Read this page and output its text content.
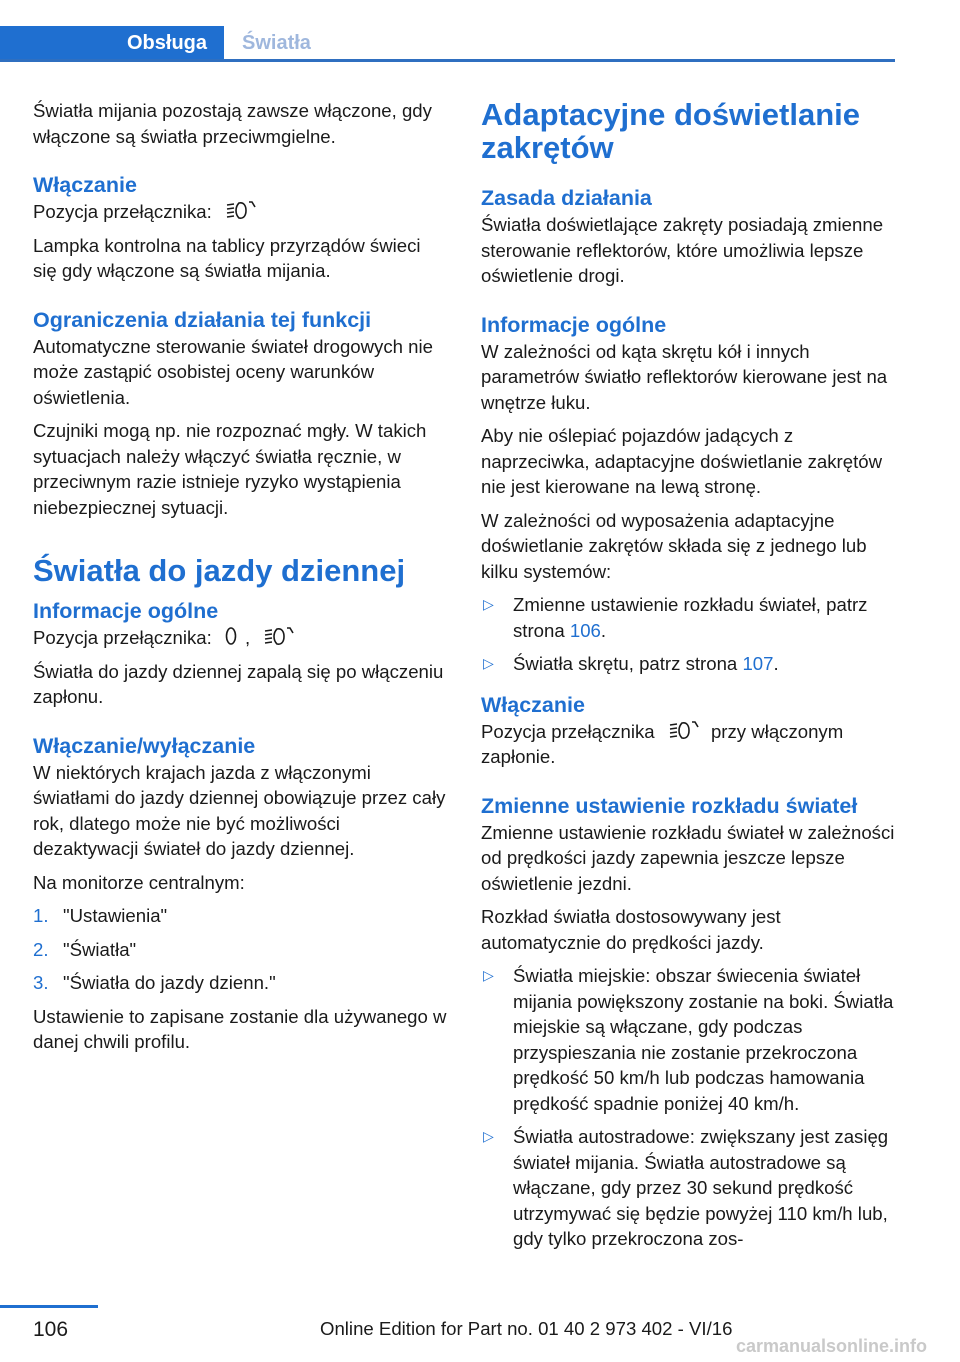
Obsługa	Światła

Światła mijania pozostają zawsze włączone, gdy włączone są światła przeciwmgielne.

Włączanie

Pozycja przełącznika:

Lampka kontrolna na tablicy przyrządów świeci się gdy włączone są światła mijania.

Ograniczenia działania tej funkcji

Automatyczne sterowanie świateł drogowych nie może zastąpić osobistej oceny warunków oświetlenia.

Czujniki mogą np. nie rozpoznać mgły. W takich sytuacjach należy włączyć światła ręcznie, w przeciwnym razie istnieje ryzyko wystąpienia niebezpiecznej sytuacji.

Światła do jazdy dziennej
Informacje ogólne

Pozycja przełącznika: ,

Światła do jazdy dziennej zapalą się po włączeniu zapłonu.

Włączanie/wyłączanie

W niektórych krajach jazda z włączonymi światłami do jazdy dziennej obowiązuje przez cały rok, dlatego może nie być możliwości dezaktywacji świateł do jazdy dziennej.

Na monitorze centralnym:

1. "Ustawienia"
2. "Światła"
3. "Światła do jazdy dzienn."

Ustawienie to zapisane zostanie dla używanego w danej chwili profilu.

Adaptacyjne doświetlanie zakrętów
Zasada działania

Światła doświetlające zakręty posiadają zmienne sterowanie reflektorów, które umożliwia lepsze oświetlenie drogi.

Informacje ogólne

W zależności od kąta skrętu kół i innych parametrów światło reflektorów kierowane jest na wnętrze łuku.

Aby nie oślepiać pojazdów jadących z naprzeciwka, adaptacyjne doświetlanie zakrętów nie jest kierowane na lewą stronę.

W zależności od wyposażenia adaptacyjne doświetlanie zakrętów składa się z jednego lub kilku systemów:

▷ Zmienne ustawienie rozkładu świateł, patrz strona 106.
▷ Światła skrętu, patrz strona 107.
Włączanie

Pozycja przełącznika	przy włączonym zapłonie.

Zmienne ustawienie rozkładu świateł

Zmienne ustawienie rozkładu świateł w zależności od prędkości jazdy zapewnia jeszcze lepsze oświetlenie jezdni.

Rozkład światła dostosowywany jest automatycznie do prędkości jazdy.

▷ Światła miejskie: obszar świecenia świateł mijania powiększony zostanie na boki. Światła miejskie są włączane, gdy podczas przyspieszania nie zostanie przekroczona prędkość 50 km/h lub podczas hamowania prędkość spadnie poniżej 40 km/h.
▷ Światła autostradowe: zwiększany jest zasięg świateł mijania. Światła autostradowe są włączane, gdy przez 30 sekund prędkość utrzymywać się będzie powyżej 110 km/h lub, gdy tylko przekroczona zos-
106	Online Edition for Part no. 01 40 2 973 402 - VI/16
carmanualsonline.info
